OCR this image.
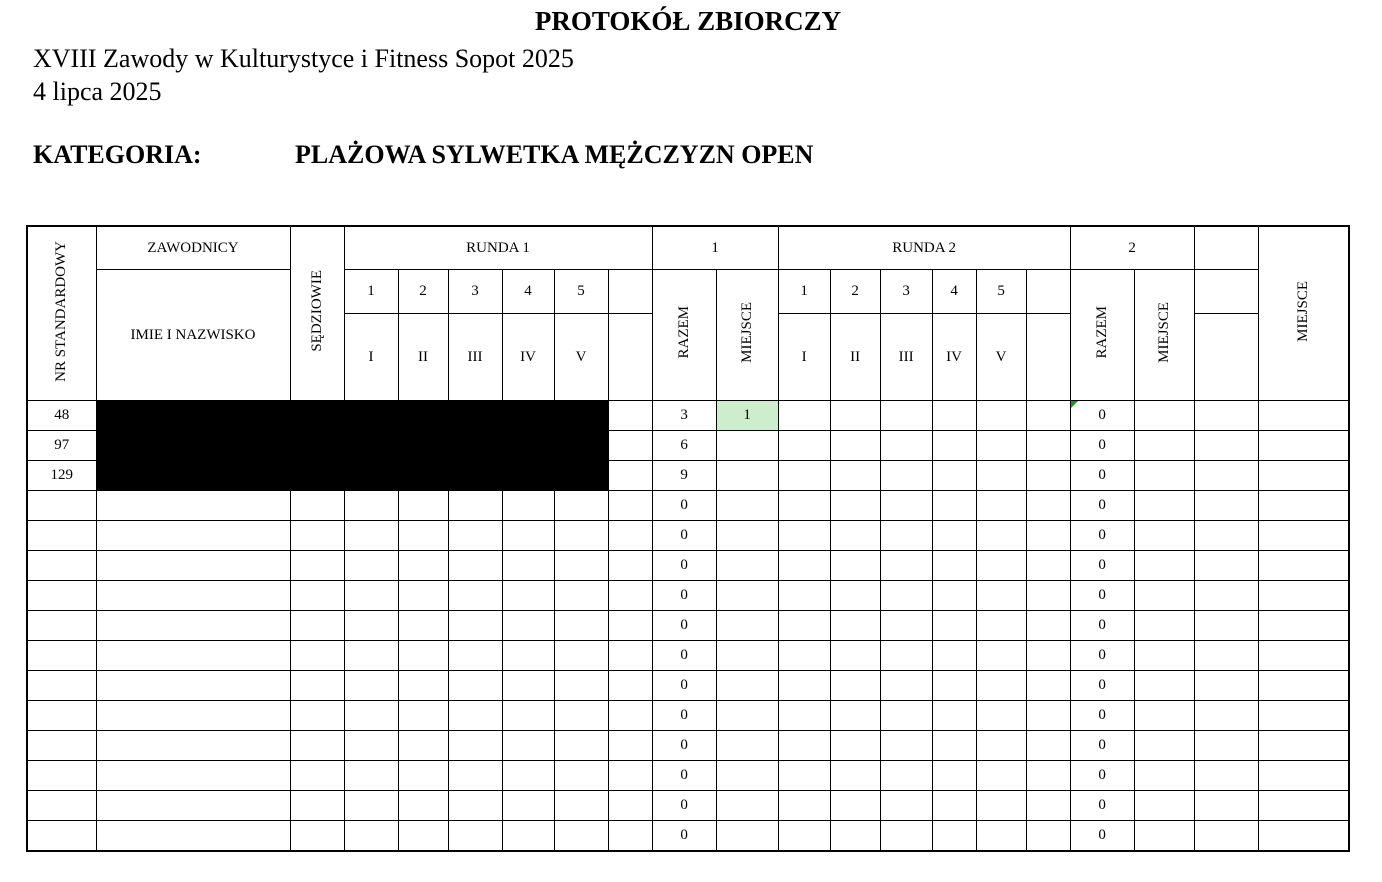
PROTOKÓŁ ZBIORCZY
XVIII Zawody w Kulturystyce i Fitness Sopot 2025
4 lipca 2025
KATEGORIA:	PLAŻOWA SYLWETKA MĘŻCZYZN OPEN
NR STANDARDOWY	ZAWODNICY	SĘDZIOWIE	RUNDA 1						1		RUNDA 2						2			MIEJSCE
	IMIE I NAZWISKO		1	2	3	4	5		RAZEM	MIEJSCE	1	2	3	4	5		RAZEM	MIEJSCE		
			I	II	III	IV	V				I	II	III	IV	V					
48									3	1							0			
97									6								0			
129									9								0			
									0								0			
									0								0			
									0								0			
									0								0			
									0								0			
									0								0			
									0								0			
									0								0			
									0								0			
									0								0			
									0								0			
									0								0			
